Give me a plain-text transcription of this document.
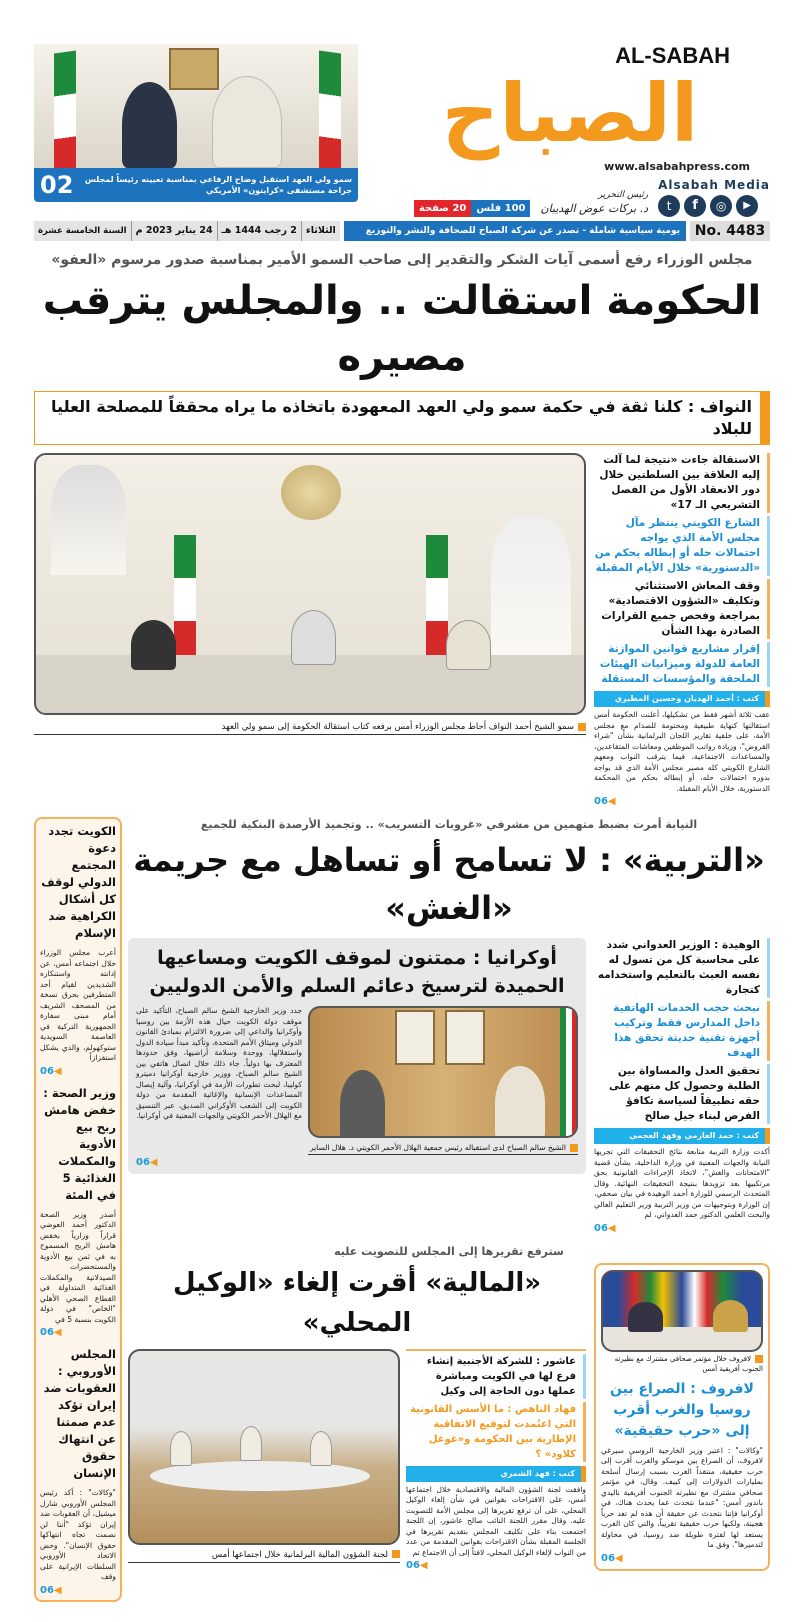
02	سمو ولي العهد استقبل وضاح الرفاعي بمناسبة تعيينه رئيساً لمجلس جراحة مستشفى «كرايتون» الأمريكي
AL-SABAH
الصباح
www.alsabahpress.com
Alsabah Media
t	f	◎	▶
رئيس التحرير
د. بركات عوض الهديبان
100 فلس
20 صفحة
No. 4483
يومية سياسية شاملة - تصدر عن شركة الصباح للصحافة والنشر والتوزيع
الثلاثاء
2 رجب 1444 هـ
24 يناير 2023 م
السنة الخامسة عشرة
مجلس الوزراء رفع أسمى آيات الشكر والتقدير إلى صاحب السمو الأمير بمناسبة صدور مرسوم «العفو»
الحكومة استقالت .. والمجلس يترقب مصيره
النواف : كلنا ثقة في حكمة سمو ولي العهد المعهودة باتخاذه ما يراه محققاً للمصلحة العليا للبلاد
الاستقالة جاءت «نتيجة لما آلت إليه العلاقة بين السلطتين خلال دور الانعقاد الأول من الفصل التشريعي الـ 17»
الشارع الكويتي ينتظر مآل مجلس الأمة الذي يواجه احتمالات حله أو إبطاله بحكم من «الدستورية» خلال الأيام المقبلة
وقف المعاش الاستثنائي وتكليف «الشؤون الاقتصادية» بمراجعة وفحص جميع القرارات الصادرة بهذا الشأن
إقرار مشاريع قوانين الموازنة العامة للدولة وميزانيات الهيئات الملحقة والمؤسسات المستقلة
كتب : أحمد الهديان وحسين المطيري
عقب ثلاثة أشهر فقط من تشكيلها، أعلنت الحكومة أمس استقالتها كنهاية طبيعية ومحتومة للصدام مع مجلس الأمة، على خلفية تقارير اللجان البرلمانية بشأن "شراء القروض"، وزيادة رواتب الموظفين ومعاشات المتقاعدين، والمساعدات الاجتماعية، فيما يترقب النواب ومعهم الشارع الكويتي كله مصير مجلس الأمة الذي قد يواجه بدوره احتمالات حله، أو إبطاله بحكم من المحكمة الدستورية، خلال الأيام المقبلة.
06◀
سمو الشيخ أحمد النواف أحاط مجلس الوزراء أمس برفعه كتاب استقالة الحكومة إلى سمو ولي العهد
الكويت تجدد دعوة المجتمع الدولي لوقف كل أشكال الكراهية ضد الإسلام
أعرب مجلس الوزراء خلال اجتماعه أمس، عن إدانته واستنكاره الشديدين لقيام أحد المتطرفين بحرق نسخة من المصحف الشريف أمام مبنى سفارة الجمهورية التركية في العاصمة السويدية ستوكهولم، والذي يشكل استفزازاً
06◀
وزير الصحة : خفض هامش ربح بيع الأدوية والمكملات الغذائية 5 في المئة
أصدر وزير الصحة الدكتور أحمد العوضي قراراً وزارياً بخفض هامش الربح المسموح به في ثمن بيع الأدوية والمستحضرات الصيدلانية والمكملات الغذائية المتداولة في القطاع الصحي الأهلي "الخاص" في دولة الكويت بنسبة 5 في
06◀
المجلس الأوروبي : العقوبات ضد إيران تؤكد عدم صمتنا عن انتهاك حقوق الإنسان
"وكالات" : أكد رئيس المجلس الأوروبي شارل ميشيل، أن العقوبات ضد إيران تؤكد "أننا لن نصمت تجاه انتهاكها حقوق الإنسان". وحض الاتحاد الأوروبي السلطات الإيرانية على وقف
06◀
النيابة أمرت بضبط متهمين من مشرفي «غروبات التسريب» .. وتجميد الأرصدة البنكية للجميع
«التربية» : لا تسامح أو تساهل مع جريمة «الغش»
الوهيدة : الوزير العدواني شدد على محاسبة كل من تسول له نفسه العبث بالتعليم واستخدامه كتجارة
نبحث حجب الخدمات الهاتفية داخل المدارس فقط وتركيب أجهزة تقنية حديثة تحقق هذا الهدف
تحقيق العدل والمساواة بين الطلبة وحصول كل منهم على حقه تطبيقاً لسياسة تكافؤ الفرص لبناء جيل صالح
كتب : حمد العازمي وفهد العجمي
أكدت وزارة التربية متابعة نتائج التحقيقات التي تجريها النيابة والجهات المعنية في وزارة الداخلية، بشأن قضية "الامتحانات والغش"، لاتخاذ الإجراءات القانونية بحق مرتكبيها بعد تزويدها بنتيجة التحقيقات النهائية. وقال المتحدث الرسمي للوزارة أحمد الوهيدة في بيان صحفي، إن الوزارة وبتوجيهات من وزير التربية وزير التعليم العالي والبحث العلمي الدكتور حمد العدواني، لم
06◀
أوكرانيا : ممتنون لموقف الكويت ومساعيها الحميدة لترسيخ دعائم السلم والأمن الدوليين
الشيخ سالم الصباح لدى استقباله رئيس جمعية الهلال الأحمر الكويتي د. هلال الساير
جدد وزير الخارجية الشيخ سالم الصباح، التأكيد على موقف دولة الكويت حيال هذه الأزمة بين روسيا وأوكرانيا والداعي إلى ضرورة الالتزام بمبادئ القانون الدولي وميثاق الأمم المتحدة، وتأكيد مبدأ سيادة الدول واستقلالها، ووحدة وسلامة أراضيها، وفق حدودها المعترف بها دولياً. جاء ذلك خلال اتصال هاتفي بين الشيخ سالم الصباح، ووزير خارجية أوكرانيا دميترو كوليبا، لبحث تطورات الأزمة في أوكرانيا، وآلية إيصال المساعدات الإنسانية والإغاثية المقدمة من دولة الكويت إلى الشعب الأوكراني الصديق، عبر التنسيق مع الهلال الأحمر الكويتي والجهات المعنية في أوكرانيا.
06◀
سترفع تقريرها إلى المجلس للتصويت عليه
لافروف خلال مؤتمر صحافي مشترك مع نظيرته الجنوب أفريقية أمس
لافروف : الصراع بين روسيا والغرب أقرب إلى «حرب حقيقية»
"وكالات" : اعتبر وزير الخارجية الروسي سيرغي لافروف، أن الصراع بين موسكو والغرب أقرب إلى حرب حقيقية، منتقداً الغرب بسبب إرسال أسلحة بمليارات الدولارات إلى كييف. وقال، في مؤتمر صحافي مشترك مع نظيرته الجنوب أفريقية ناليدي باندور أمس: "عندما نتحدث عما يحدث هناك، في أوكرانيا فإننا نتحدث عن حقيقة أن هذه لم تعد حرباً هجينة، ولكنها حرب حقيقية تقريباً، والتي كان الغرب يستعد لها لفترة طويلة ضد روسيا، في محاولة لتدميرها". وفق ما
06◀
«المالية» أقرت إلغاء «الوكيل المحلي»
عاشور : للشركة الأجنبية إنشاء فرع لها في الكويت ومباشرة عملها دون الحاجة إلى وكيل
فهاد الناهض : ما الأسس القانونية التي اعتُمدت لتوقيع الاتفاقية الإطارية بين الحكومة و«غوغل كلاود» ؟
كتب : فهد الشمري
وافقت لجنة الشؤون المالية والاقتصادية خلال اجتماعها أمس، على الاقتراحات بقوانين في شأن إلغاء الوكيل المحلي، على أن ترفع تقريرها إلى مجلس الأمة للتصويت عليه. وقال مقرر اللجنة النائب صالح عاشور، إن اللجنة اجتمعت بناء على تكليف المجلس بتقديم تقريرها في الجلسة المقبلة بشأن الاقتراحات بقوانين المقدمة من عدد من النواب لإلغاء الوكيل المحلي، لافتاً إلى أن الاجتماع تم
06◀
لجنة الشؤون المالية البرلمانية خلال اجتماعها أمس
